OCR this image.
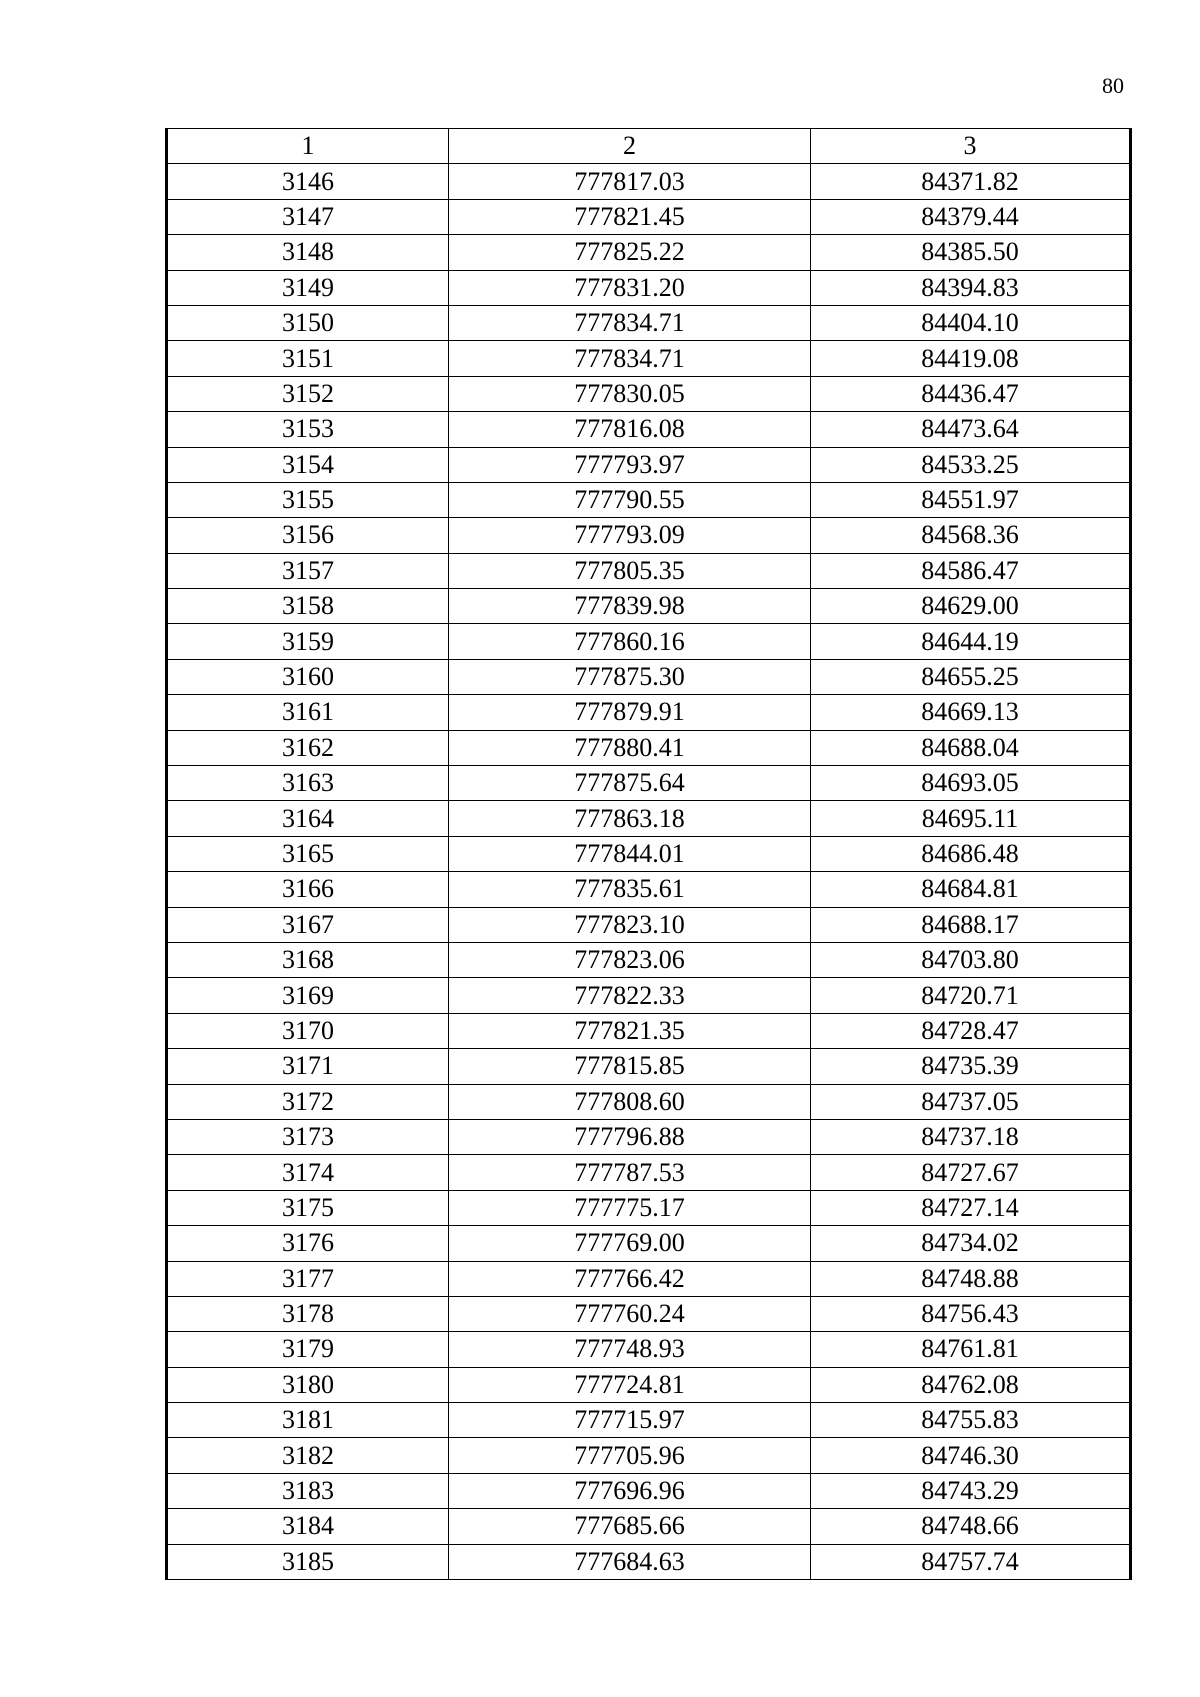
80
1	2	3
3146	777817.03	84371.82
3147	777821.45	84379.44
3148	777825.22	84385.50
3149	777831.20	84394.83
3150	777834.71	84404.10
3151	777834.71	84419.08
3152	777830.05	84436.47
3153	777816.08	84473.64
3154	777793.97	84533.25
3155	777790.55	84551.97
3156	777793.09	84568.36
3157	777805.35	84586.47
3158	777839.98	84629.00
3159	777860.16	84644.19
3160	777875.30	84655.25
3161	777879.91	84669.13
3162	777880.41	84688.04
3163	777875.64	84693.05
3164	777863.18	84695.11
3165	777844.01	84686.48
3166	777835.61	84684.81
3167	777823.10	84688.17
3168	777823.06	84703.80
3169	777822.33	84720.71
3170	777821.35	84728.47
3171	777815.85	84735.39
3172	777808.60	84737.05
3173	777796.88	84737.18
3174	777787.53	84727.67
3175	777775.17	84727.14
3176	777769.00	84734.02
3177	777766.42	84748.88
3178	777760.24	84756.43
3179	777748.93	84761.81
3180	777724.81	84762.08
3181	777715.97	84755.83
3182	777705.96	84746.30
3183	777696.96	84743.29
3184	777685.66	84748.66
3185	777684.63	84757.74
